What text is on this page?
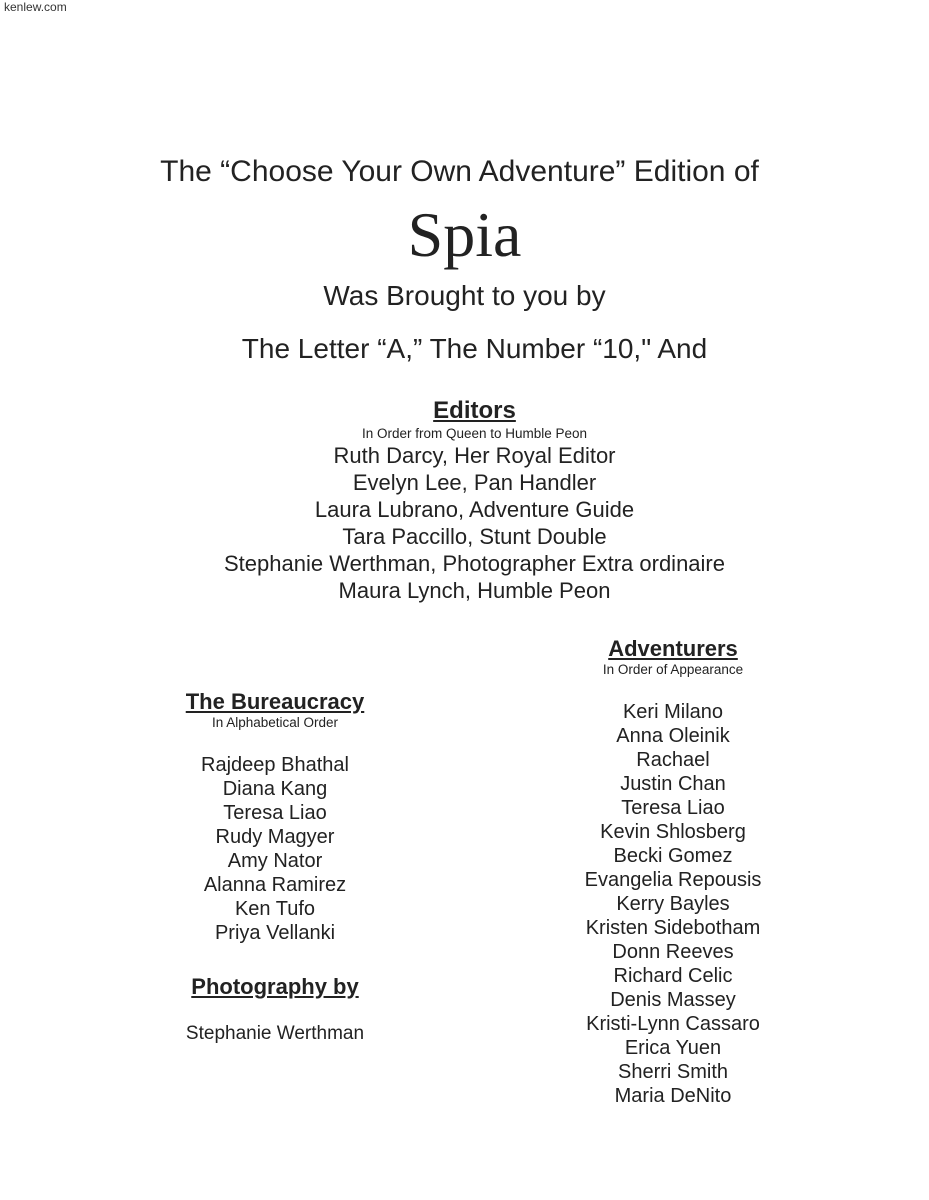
kenlew.com
The “Choose Your Own Adventure” Edition of
Spia
Was Brought to you by
The Letter “A,” The Number “10," And
Editors
In Order from Queen to Humble Peon
Ruth Darcy, Her Royal Editor
Evelyn Lee, Pan Handler
Laura Lubrano, Adventure Guide
Tara Paccillo, Stunt Double
Stephanie Werthman, Photographer Extra ordinaire
Maura Lynch, Humble Peon
The Bureaucracy
In Alphabetical Order
Rajdeep Bhathal
Diana Kang
Teresa Liao
Rudy Magyer
Amy Nator
Alanna Ramirez
Ken Tufo
Priya Vellanki
Photography by
Stephanie Werthman
Adventurers
In Order of Appearance
Keri Milano
Anna Oleinik
Rachael
Justin Chan
Teresa Liao
Kevin Shlosberg
Becki Gomez
Evangelia Repousis
Kerry Bayles
Kristen Sidebotham
Donn Reeves
Richard Celic
Denis Massey
Kristi-Lynn Cassaro
Erica Yuen
Sherri Smith
Maria DeNito
